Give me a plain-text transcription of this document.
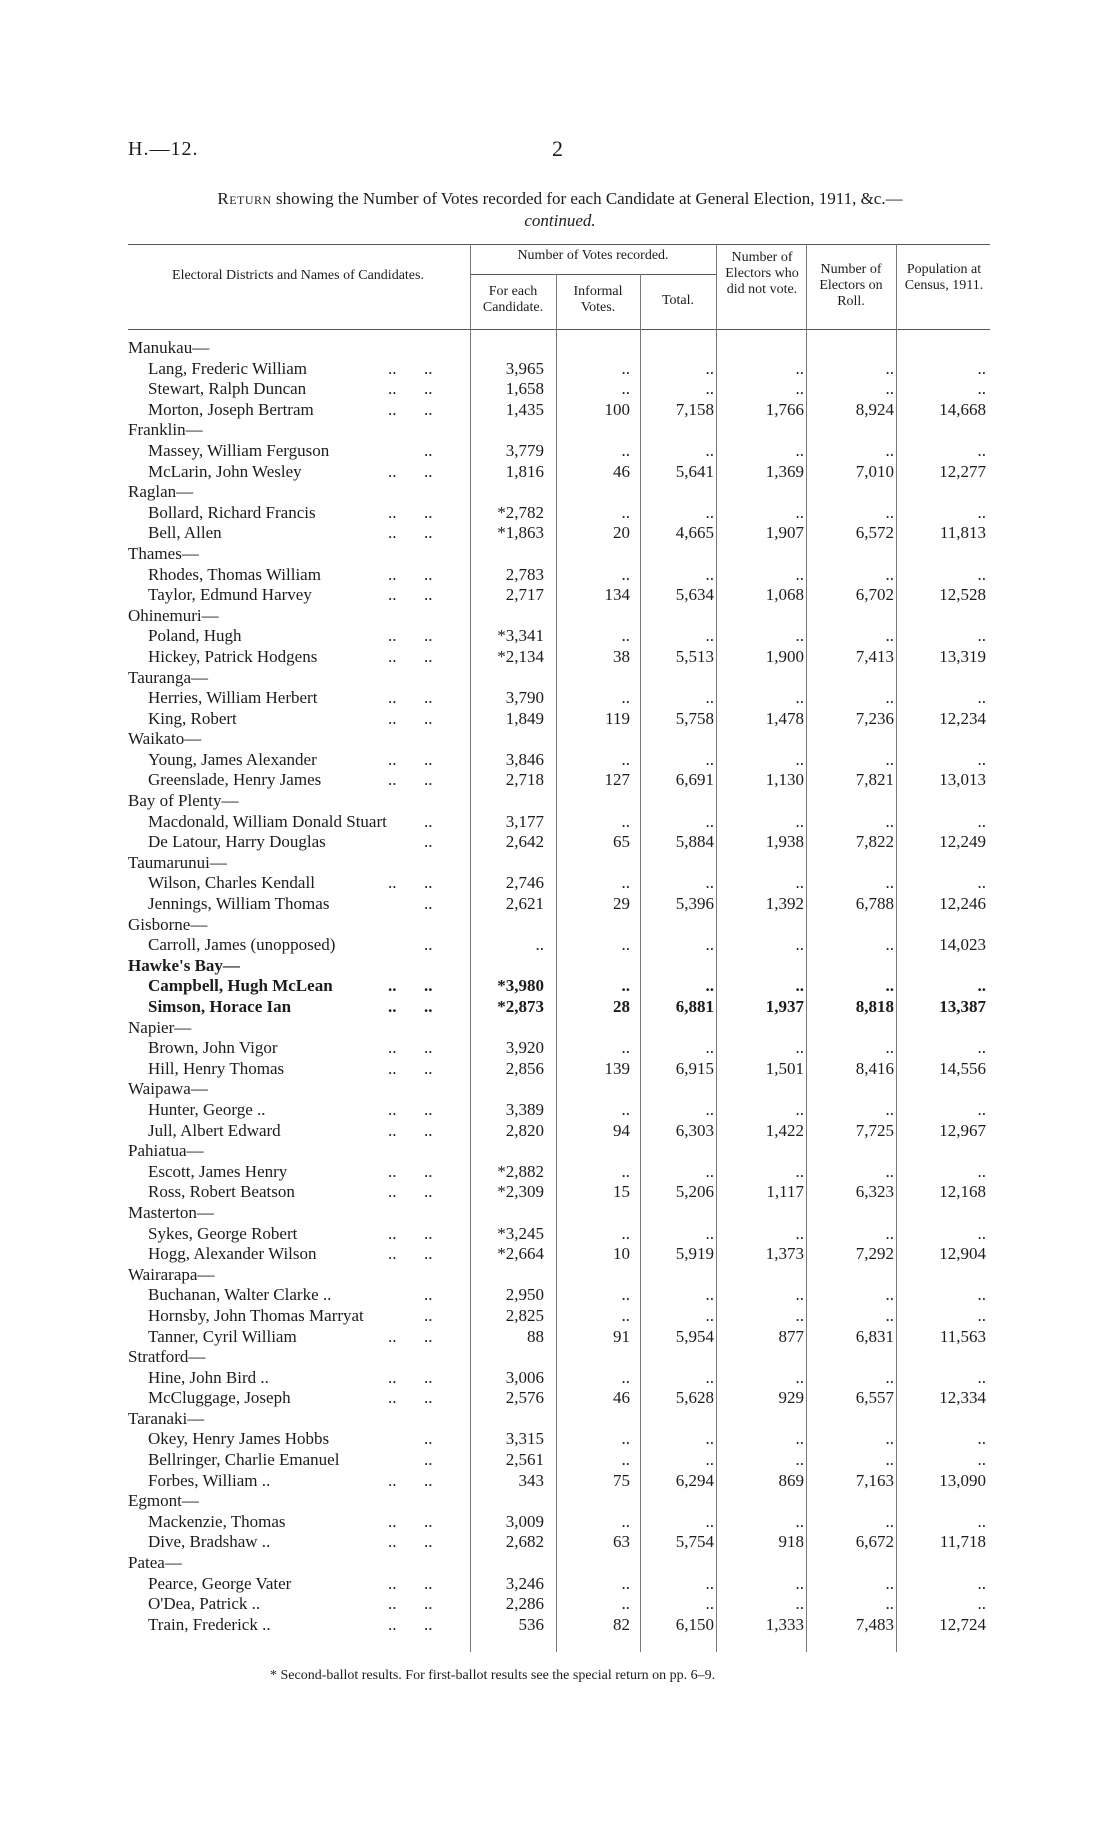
H.—12.	2
Return showing the Number of Votes recorded for each Candidate at General Election, 1911, &c.—
continued.
Electoral Districts and Names of Candidates.
Number of Votes recorded.
For each Candidate.
Informal Votes.	Total.
Number of Electors who did not vote.
Number of Electors on Roll.
Population at Census, 1911.
Manukau—								
Lang, Frederic William	..	..	3,965	..	..	..	..	..
Stewart, Ralph Duncan	..	..	1,658	..	..	..	..	..
Morton, Joseph Bertram	..	..	1,435	100	7,158	1,766	8,924	14,668
Franklin—								
Massey, William Ferguson		..	3,779	..	..	..	..	..
McLarin, John Wesley	..	..	1,816	46	5,641	1,369	7,010	12,277
Raglan—								
Bollard, Richard Francis	..	..	*2,782	..	..	..	..	..
Bell, Allen	..	..	*1,863	20	4,665	1,907	6,572	11,813
Thames—								
Rhodes, Thomas William	..	..	2,783	..	..	..	..	..
Taylor, Edmund Harvey	..	..	2,717	134	5,634	1,068	6,702	12,528
Ohinemuri—								
Poland, Hugh	..	..	*3,341	..	..	..	..	..
Hickey, Patrick Hodgens	..	..	*2,134	38	5,513	1,900	7,413	13,319
Tauranga—								
Herries, William Herbert	..	..	3,790	..	..	..	..	..
King, Robert	..	..	1,849	119	5,758	1,478	7,236	12,234
Waikato—								
Young, James Alexander	..	..	3,846	..	..	..	..	..
Greenslade, Henry James	..	..	2,718	127	6,691	1,130	7,821	13,013
Bay of Plenty—								
Macdonald, William Donald Stuart		..	3,177	..	..	..	..	..
De Latour, Harry Douglas		..	2,642	65	5,884	1,938	7,822	12,249
Taumarunui—								
Wilson, Charles Kendall	..	..	2,746	..	..	..	..	..
Jennings, William Thomas		..	2,621	29	5,396	1,392	6,788	12,246
Gisborne—								
Carroll, James (unopposed)		..	..	..	..	..	..	14,023
Hawke's Bay—								
Campbell, Hugh McLean	..	..	*3,980	..	..	..	..	..
Simson, Horace Ian	..	..	*2,873	28	6,881	1,937	8,818	13,387
Napier—								
Brown, John Vigor	..	..	3,920	..	..	..	..	..
Hill, Henry Thomas	..	..	2,856	139	6,915	1,501	8,416	14,556
Waipawa—								
Hunter, George ..	..	..	3,389	..	..	..	..	..
Jull, Albert Edward	..	..	2,820	94	6,303	1,422	7,725	12,967
Pahiatua—								
Escott, James Henry	..	..	*2,882	..	..	..	..	..
Ross, Robert Beatson	..	..	*2,309	15	5,206	1,117	6,323	12,168
Masterton—								
Sykes, George Robert	..	..	*3,245	..	..	..	..	..
Hogg, Alexander Wilson	..	..	*2,664	10	5,919	1,373	7,292	12,904
Wairarapa—								
Buchanan, Walter Clarke ..		..	2,950	..	..	..	..	..
Hornsby, John Thomas Marryat		..	2,825	..	..	..	..	..
Tanner, Cyril William	..	..	88	91	5,954	877	6,831	11,563
Stratford—								
Hine, John Bird ..	..	..	3,006	..	..	..	..	..
McCluggage, Joseph	..	..	2,576	46	5,628	929	6,557	12,334
Taranaki—								
Okey, Henry James Hobbs		..	3,315	..	..	..	..	..
Bellringer, Charlie Emanuel		..	2,561	..	..	..	..	..
Forbes, William ..	..	..	343	75	6,294	869	7,163	13,090
Egmont—								
Mackenzie, Thomas	..	..	3,009	..	..	..	..	..
Dive, Bradshaw ..	..	..	2,682	63	5,754	918	6,672	11,718
Patea—								
Pearce, George Vater	..	..	3,246	..	..	..	..	..
O'Dea, Patrick ..	..	..	2,286	..	..	..	..	..
Train, Frederick ..	..	..	536	82	6,150	1,333	7,483	12,724
* Second-ballot results. For first-ballot results see the special return on pp. 6–9.
